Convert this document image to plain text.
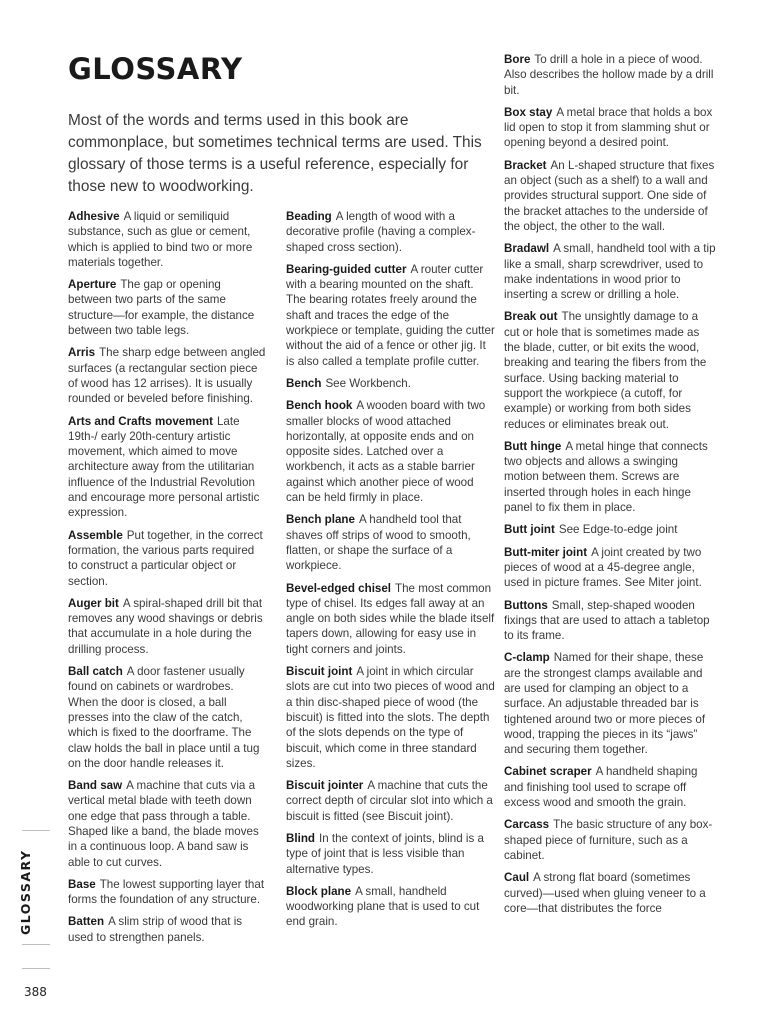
GLOSSARY

Most of the words and terms used in this book are commonplace, but sometimes technical terms are used. This glossary of those terms is a useful reference, especially for those new to woodworking.

Adhesive A liquid or semiliquid substance, such as glue or cement, which is applied to bind two or more materials together.

Aperture The gap or opening between two parts of the same structure—for example, the distance between two table legs.

Arris The sharp edge between angled surfaces (a rectangular section piece of wood has 12 arrises). It is usually rounded or beveled before finishing.

Arts and Crafts movement Late 19th-/ early 20th-century artistic movement, which aimed to move architecture away from the utilitarian influence of the Industrial Revolution and encourage more personal artistic expression.

Assemble Put together, in the correct formation, the various parts required to construct a particular object or section.

Auger bit A spiral-shaped drill bit that removes any wood shavings or debris that accumulate in a hole during the drilling process.

Ball catch A door fastener usually found on cabinets or wardrobes. When the door is closed, a ball presses into the claw of the catch, which is fixed to the doorframe. The claw holds the ball in place until a tug on the door handle releases it.

Band saw A machine that cuts via a vertical metal blade with teeth down one edge that pass through a table. Shaped like a band, the blade moves in a continuous loop. A band saw is able to cut curves.

Base The lowest supporting layer that forms the foundation of any structure.

Batten A slim strip of wood that is used to strengthen panels.

Beading A length of wood with a decorative profile (having a complex-shaped cross section).

Bearing-guided cutter A router cutter with a bearing mounted on the shaft. The bearing rotates freely around the shaft and traces the edge of the workpiece or template, guiding the cutter without the aid of a fence or other jig. It is also called a template profile cutter.

Bench See Workbench.

Bench hook A wooden board with two smaller blocks of wood attached horizontally, at opposite ends and on opposite sides. Latched over a workbench, it acts as a stable barrier against which another piece of wood can be held firmly in place.

Bench plane A handheld tool that shaves off strips of wood to smooth, flatten, or shape the surface of a workpiece.

Bevel-edged chisel The most common type of chisel. Its edges fall away at an angle on both sides while the blade itself tapers down, allowing for easy use in tight corners and joints.

Biscuit joint A joint in which circular slots are cut into two pieces of wood and a thin disc-shaped piece of wood (the biscuit) is fitted into the slots. The depth of the slots depends on the type of biscuit, which come in three standard sizes.

Biscuit jointer A machine that cuts the correct depth of circular slot into which a biscuit is fitted (see Biscuit joint).

Blind In the context of joints, blind is a type of joint that is less visible than alternative types.

Block plane A small, handheld woodworking plane that is used to cut end grain.

Bore To drill a hole in a piece of wood. Also describes the hollow made by a drill bit.

Box stay A metal brace that holds a box lid open to stop it from slamming shut or opening beyond a desired point.

Bracket An L-shaped structure that fixes an object (such as a shelf) to a wall and provides structural support. One side of the bracket attaches to the underside of the object, the other to the wall.

Bradawl A small, handheld tool with a tip like a small, sharp screwdriver, used to make indentations in wood prior to inserting a screw or drilling a hole.

Break out The unsightly damage to a cut or hole that is sometimes made as the blade, cutter, or bit exits the wood, breaking and tearing the fibers from the surface. Using backing material to support the workpiece (a cutoff, for example) or working from both sides reduces or eliminates break out.

Butt hinge A metal hinge that connects two objects and allows a swinging motion between them. Screws are inserted through holes in each hinge panel to fix them in place.

Butt joint See Edge-to-edge joint

Butt-miter joint A joint created by two pieces of wood at a 45-degree angle, used in picture frames. See Miter joint.

Buttons Small, step-shaped wooden fixings that are used to attach a tabletop to its frame.

C-clamp Named for their shape, these are the strongest clamps available and are used for clamping an object to a surface. An adjustable threaded bar is tightened around two or more pieces of wood, trapping the pieces in its “jaws” and securing them together.

Cabinet scraper A handheld shaping and finishing tool used to scrape off excess wood and smooth the grain.

Carcass The basic structure of any box-shaped piece of furniture, such as a cabinet.

Caul A strong flat board (sometimes curved)—used when gluing veneer to a core—that distributes the force

GLOSSARY
388
